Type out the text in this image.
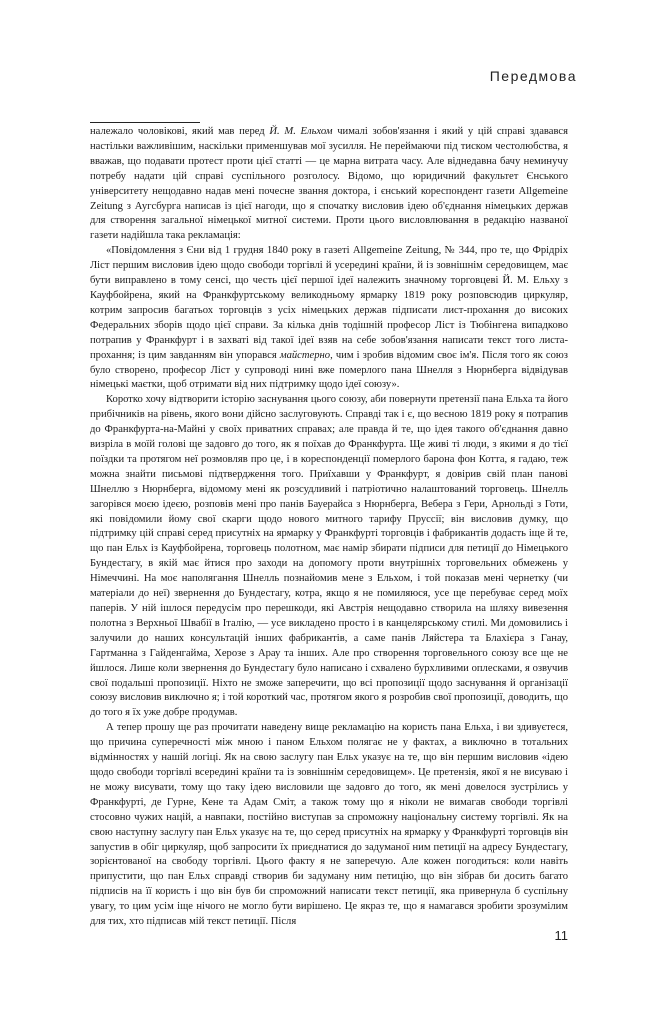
Передмова

належало чоловікові, який мав перед Й. М. Ельхом чималі зобов'язання і який у цій справі здавався настільки важливішим, наскільки применшував мої зусилля. Не переймаючи під тиском честолюбства, я вважав, що подавати протест проти цієї статті — це марна витрата часу. Але віднедавна бачу неминучу потребу надати цій справі суспільного розголосу. Відомо, що юридичний факультет Єнського університету нещодавно надав мені почесне звання доктора, і єнський кореспондент газети Allgemeine Zeitung з Аугсбурга написав із цієї нагоди, що я спочатку висловив ідею об'єднання німецьких держав для створення загальної німецької митної системи. Проти цього висловлювання в редакцію названої газети надійшла така рекламація:

«Повідомлення з Єни від 1 грудня 1840 року в газеті Allgemeine Zeitung, № 344, про те, що Фрідріх Ліст першим висловив ідею щодо свободи торгівлі й усередині країни, й із зовнішнім середовищем, має бути виправлено в тому сенсі, що честь цієї першої ідеї належить значному торговцеві Й. М. Ельху з Кауфбойрена, який на Франкфуртському великодньому ярмарку 1819 року розповсюдив циркуляр, котрим запросив багатьох торговців з усіх німецьких держав підписати лист-прохання до високих Федеральних зборів щодо цієї справи. За кілька днів тодішній професор Ліст із Тюбінгена випадково потрапив у Франкфурт і в захваті від такої ідеї взяв на себе зобов'язання написати текст того листа-прохання; із цим завданням він упорався майстерно, чим і зробив відомим своє ім'я. Після того як союз було створено, професор Ліст у супроводі нині вже померлого пана Шнелля з Нюрнберга відвідував німецькі маєтки, щоб отримати від них підтримку щодо ідеї союзу».

Коротко хочу відтворити історію заснування цього союзу, аби повернути претензії пана Ельха та його прибічників на рівень, якого вони дійсно заслуговують. Справді так і є, що весною 1819 року я потрапив до Франкфурта-на-Майні у своїх приватних справах; але правда й те, що ідея такого об'єднання давно визріла в моїй голові ще задовго до того, як я поїхав до Франкфурта. Ще живі ті люди, з якими я до тієї поїздки та протягом неї розмовляв про це, і в кореспонденції померлого барона фон Котта, я гадаю, теж можна знайти письмові підтвердження того. Приїхавши у Франкфурт, я довірив свій план панові Шнеллю з Нюрнберга, відомому мені як розсудливий і патріотично налаштований торговець. Шнелль загорівся моєю ідеєю, розповів мені про панів Бауерайса з Нюрнберга, Вебера з Гери, Арнольді з Готи, які повідомили йому свої скарги щодо нового митного тарифу Пруссії; він висловив думку, що підтримку цій справі серед присутніх на ярмарку у Франкфурті торговців і фабрикантів додасть іще й те, що пан Ельх із Кауфбойрена, торговець полотном, має намір збирати підписи для петиції до Німецького Бундестагу, в якій має йтися про заходи на допомогу проти внутрішніх торговельних обмежень у Німеччині. На моє наполягання Шнелль познайомив мене з Ельхом, і той показав мені чернетку (чи матеріали до неї) звернення до Бундестагу, котра, якщо я не помиляюся, усе ще перебуває серед моїх паперів. У ній ішлося передусім про перешкоди, які Австрія нещодавно створила на шляху вивезення полотна з Верхньої Швабії в Італію, — усе викладено просто і в канцелярському стилі. Ми домовились і залучили до наших консультацій інших фабрикантів, а саме панів Ляйстера та Блахієра з Ганау, Гартманна з Гайденгайма, Херозе з Арау та інших. Але про створення торговельного союзу все ще не йшлося. Лише коли звернення до Бундестагу було написано і схвалено бурхливими оплесками, я озвучив свої подальші пропозиції. Ніхто не зможе заперечити, що всі пропозиції щодо заснування й організації союзу висловив виключно я; і той короткий час, протягом якого я розробив свої пропозиції, доводить, що до того я їх уже добре продумав.

А тепер прошу ще раз прочитати наведену вище рекламацію на користь пана Ельха, і ви здивуєтеся, що причина суперечності між мною і паном Ельхом полягає не у фактах, а виключно в тотальних відмінностях у нашій логіці. Як на свою заслугу пан Ельх указує на те, що він першим висловив «ідею щодо свободи торгівлі всередині країни та із зовнішнім середовищем». Це претензія, якої я не висуваю і не можу висувати, тому що таку ідею висловили ще задовго до того, як мені довелося зустрілись у Франкфурті, де Гурне, Кене та Адам Сміт, а також тому що я ніколи не вимагав свободи торгівлі стосовно чужих націй, а навпаки, постійно виступав за спроможну національну систему торгівлі. Як на свою наступну заслугу пан Ельх указує на те, що серед присутніх на ярмарку у Франкфурті торговців він запустив в обіг циркуляр, щоб запросити їх приєднатися до задуманої ним петиції на адресу Бундестагу, зорієнтованої на свободу торгівлі. Цього факту я не заперечую. Але кожен погодиться: коли навіть припустити, що пан Ельх справді створив би задуману ним петицію, що він зібрав би досить багато підписів на її користь і що він був би спроможний написати текст петиції, яка привернула б суспільну увагу, то цим усім іще нічого не могло бути вирішено. Це якраз те, що я намагався зробити зрозумілим для тих, хто підписав мій текст петиції. Після

11
